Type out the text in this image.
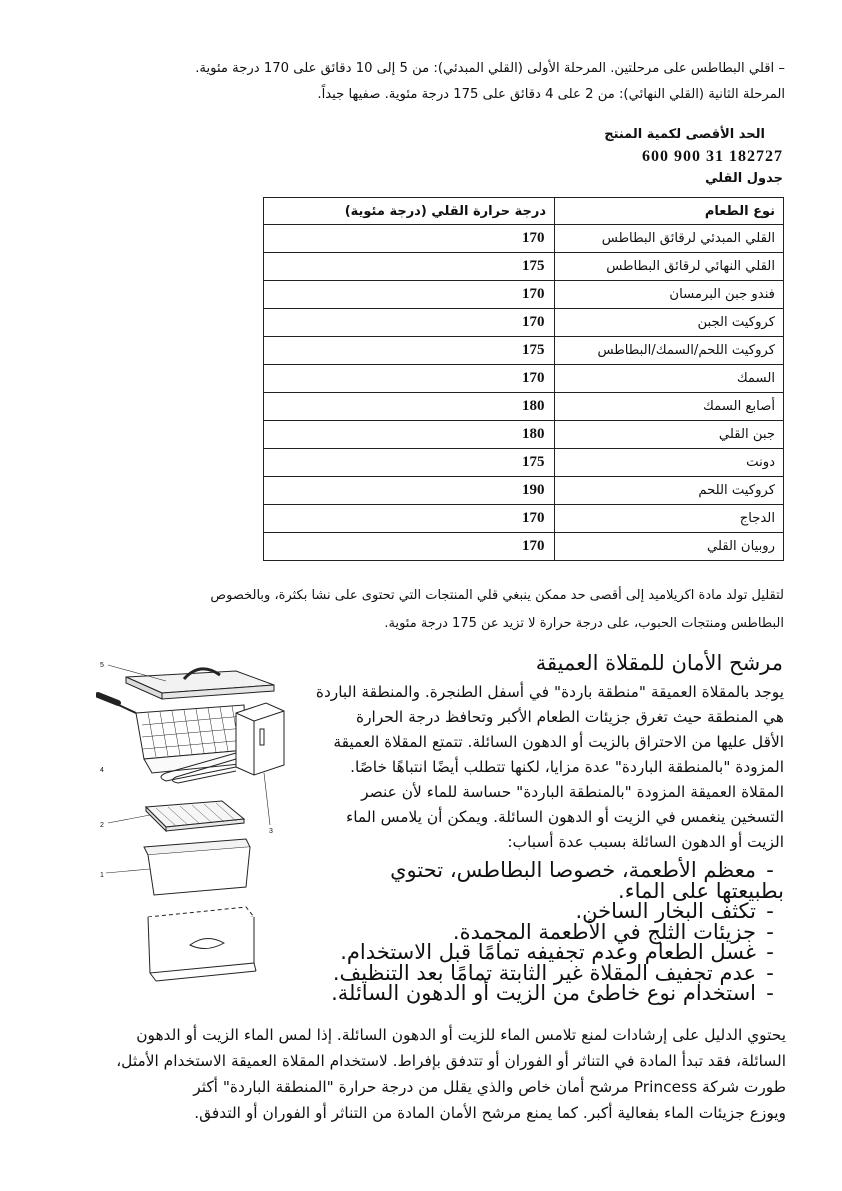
– اقلي البطاطس على مرحلتين. المرحلة الأولى (القلي المبدئي): من 5 إلى 10 دقائق على 170 درجة مئوية.

المرحلة الثانية (القلي النهائي): من 2 على 4 دقائق على 175 درجة مئوية. صفيها جيداً.

الحد الأقصى لكمية المنتج

182727 31 900 600

جدول القلي

نوع الطعام	درجة حرارة القلي (درجة مئوية)
القلي المبدئي لرقائق البطاطس	170
القلي النهائي لرقائق البطاطس	175
فندو جبن البرمسان	170
كروكيت الجبن	170
كروكيت اللحم/السمك/البطاطس	175
السمك	170
أصابع السمك	180
جبن القلي	180
دونت	175
كروكيت اللحم	190
الدجاج	170
روبيان القلي	170

لتقليل تولد مادة اكريلاميد إلى أقصى حد ممكن ينبغي قلي المنتجات التي تحتوى على نشا بكثرة، وبالخصوص

البطاطس ومنتجات الحبوب، على درجة حرارة لا تزيد عن 175 درجة مئوية.

مرشح الأمان للمقلاة العميقة

يوجد بالمقلاة العميقة "منطقة باردة" في أسفل الطنجرة. والمنطقة الباردة

هي المنطقة حيث تغرق جزيئات الطعام الأكبر وتحافظ درجة الحرارة

الأقل عليها من الاحتراق بالزيت أو الدهون السائلة. تتمتع المقلاة العميقة

المزودة "بالمنطقة الباردة" عدة مزايا، لكنها تتطلب أيضًا انتباهًا خاصًا.

المقلاة العميقة المزودة "بالمنطقة الباردة" حساسة للماء لأن عنصر

التسخين ينغمس في الزيت أو الدهون السائلة. ويمكن أن يلامس الماء

الزيت أو الدهون السائلة بسبب عدة أسباب:

-معظم الأطعمة، خصوصا البطاطس، تحتوي بطبيعتها على الماء.
-تكثف البخار الساخن.
-جزيئات الثلج في الأطعمة المجمدة.
-غسل الطعام وعدم تجفيفه تمامًا قبل الاستخدام.
-عدم تجفيف المقلاة غير الثابتة تمامًا بعد التنظيف.
-استخدام نوع خاطئ من الزيت أو الدهون السائلة.

يحتوي الدليل على إرشادات لمنع تلامس الماء للزيت أو الدهون السائلة. إذا لمس الماء الزيت أو الدهون

السائلة، فقد تبدأ المادة في التناثر أو الفوران أو تتدفق بإفراط. لاستخدام المقلاة العميقة الاستخدام الأمثل،

طورت شركة Princess مرشح أمان خاص والذي يقلل من درجة حرارة "المنطقة الباردة" أكثر

ويوزع جزيئات الماء بفعالية أكبر. كما يمنع مرشح الأمان المادة من التناثر أو الفوران أو التدفق.

5
4
3
2
1
